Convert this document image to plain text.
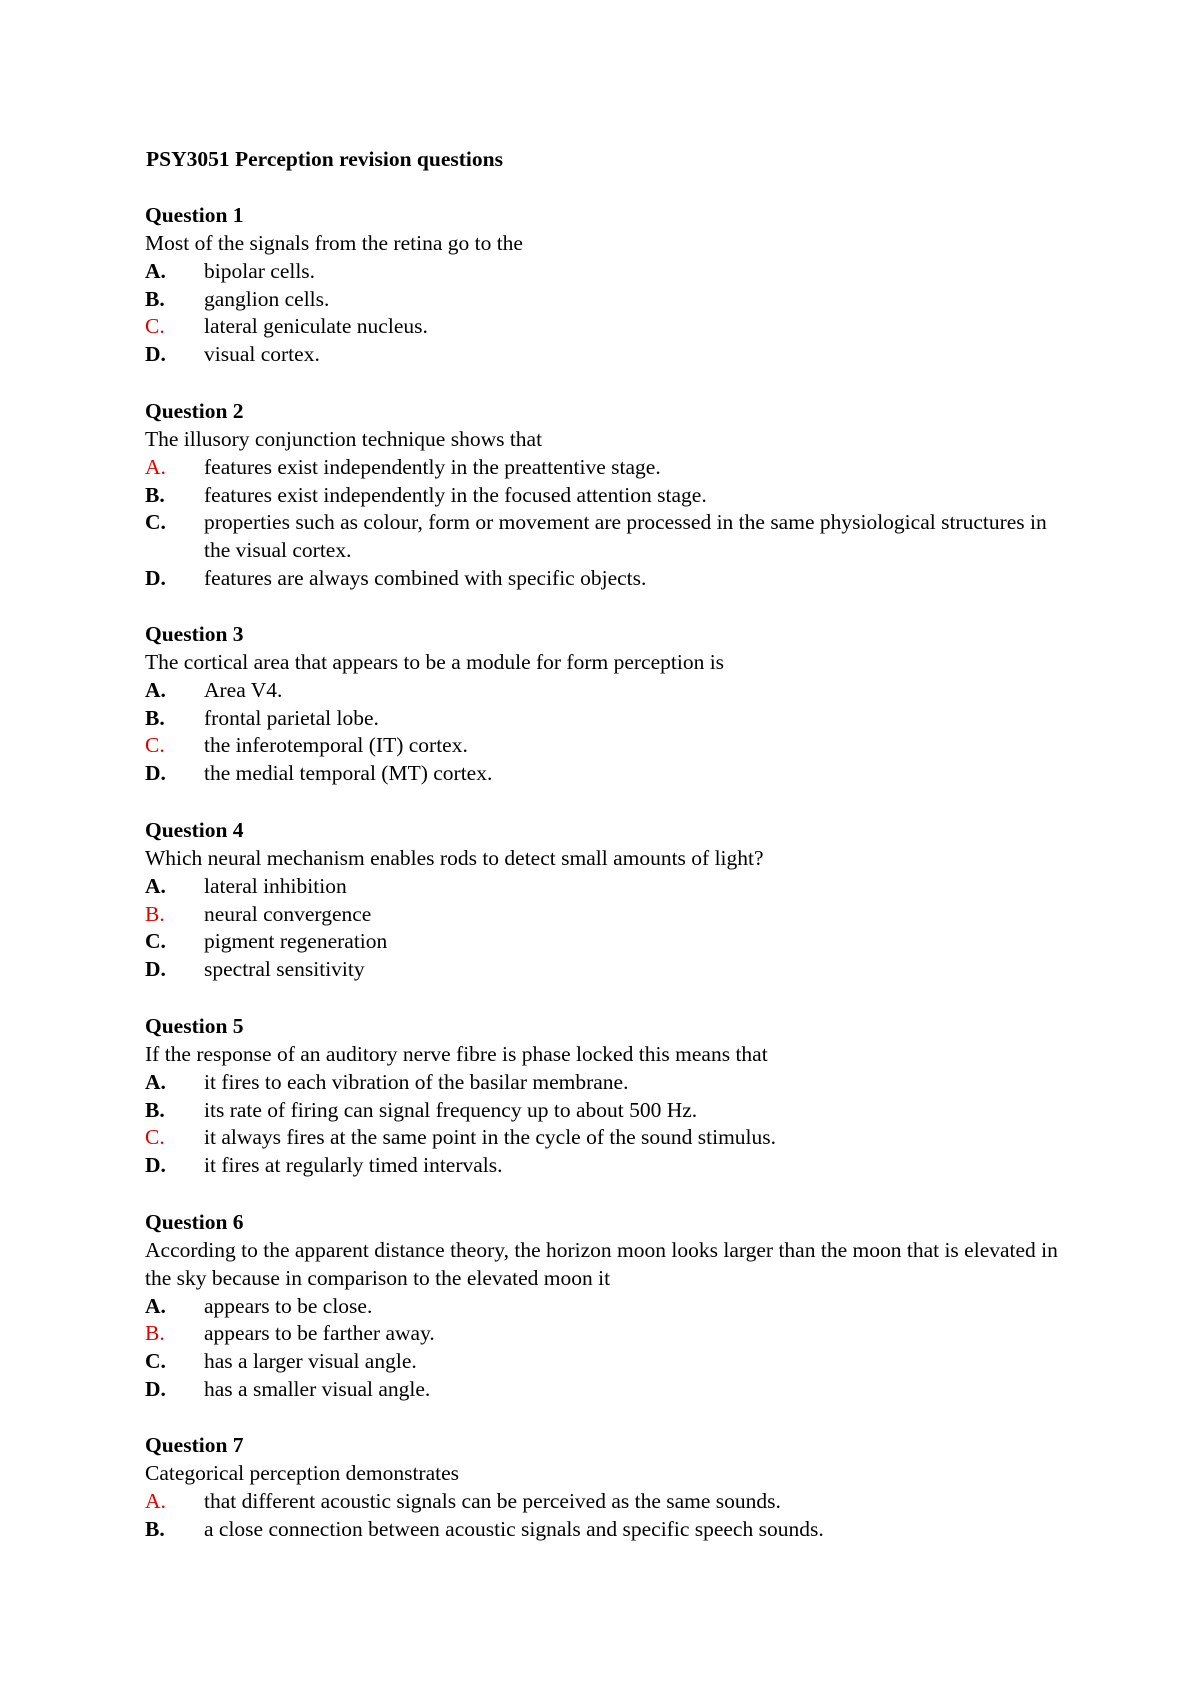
PSY3051 Perception revision questions

Question 1

Most of the signals from the retina go to the

A.	bipolar cells.
B.	ganglion cells.
C.	lateral geniculate nucleus.
D.	visual cortex.

Question 2

The illusory conjunction technique shows that

A.	features exist independently in the preattentive stage.
B.	features exist independently in the focused attention stage.
C.	properties such as colour, form or movement are processed in the same physiological structures in the visual cortex.
D.	features are always combined with specific objects.

Question 3

The cortical area that appears to be a module for form perception is

A.	Area V4.
B.	frontal parietal lobe.
C.	the inferotemporal (IT) cortex.
D.	the medial temporal (MT) cortex.

Question 4

Which neural mechanism enables rods to detect small amounts of light?

A.	lateral inhibition
B.	neural convergence
C.	pigment regeneration
D.	spectral sensitivity

Question 5

If the response of an auditory nerve fibre is phase locked this means that

A.	it fires to each vibration of the basilar membrane.
B.	its rate of firing can signal frequency up to about 500 Hz.
C.	it always fires at the same point in the cycle of the sound stimulus.
D.	it fires at regularly timed intervals.

Question 6

According to the apparent distance theory, the horizon moon looks larger than the moon that is elevated in the sky because in comparison to the elevated moon it

A.	appears to be close.
B.	appears to be farther away.
C.	has a larger visual angle.
D.	has a smaller visual angle.

Question 7

Categorical perception demonstrates

A.	that different acoustic signals can be perceived as the same sounds.
B.	a close connection between acoustic signals and specific speech sounds.
